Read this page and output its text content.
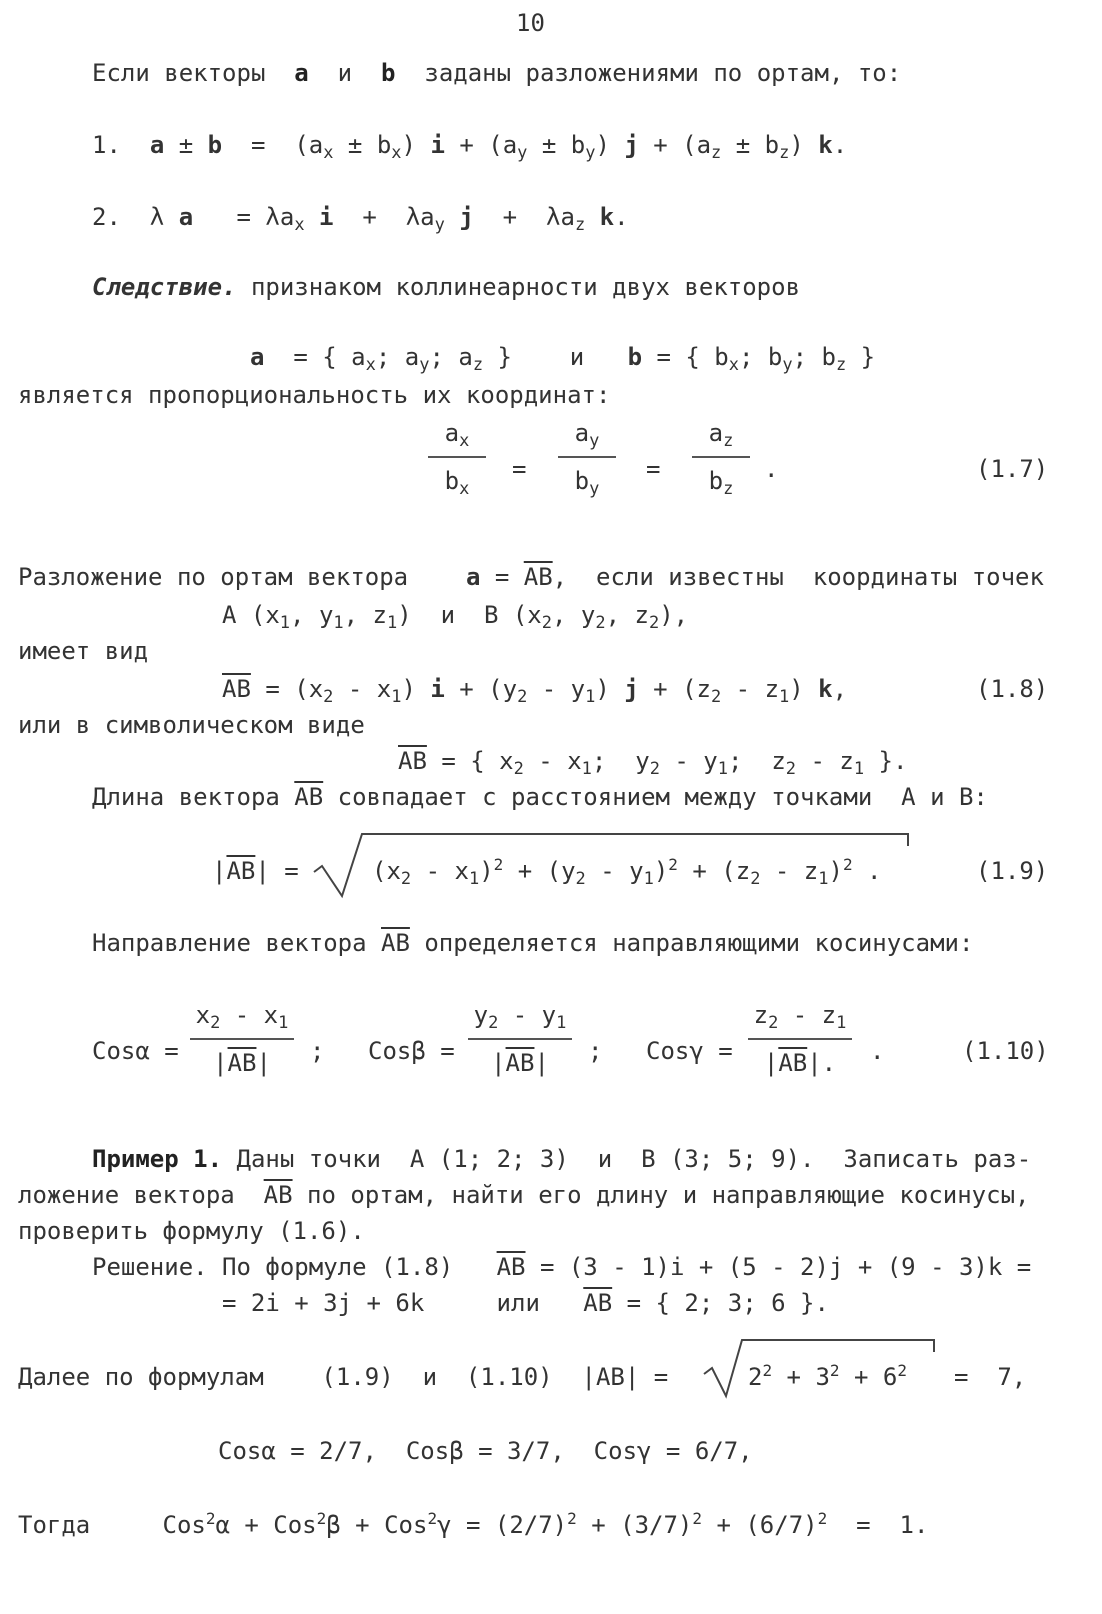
10
Если векторы a и b заданы разложениями по ортам, то:
1. $a \pm b = (a_x \pm b_x) i + (a_y \pm b_y) j + (a_z \pm b_z)$ k.
2.  λ $a = \lambda a_x$ $i + \lambda a_y$ $j + \lambda a_z$ k.
Следствие. признаком коллинеарности двух векторов
a  = { $a_x$; $a_y$; $a_z$ }    и   b = { $b_x$; $b_y$; $b_z$ }
является пропорциональность их координат:
$a_x$
$b_x$
=
$a_y$
$b_y$
=
$a_z$
$b_z$
.	(1.7)
Разложение по ортам вектора $a = \overline{AB}$,  если известны  координаты точек
A ($x_1$, $y_1$, $z_1$)  и  B ($x_2$, $y_2$, $z_2$),
имеет вид
$\overline{AB} = (x_2 - x_1) i + (y_2 - y_1) j + (z_2 - z_1)$ k,	(1.8)
или в символическом виде
$\overline{AB}$ = { $x_2 - x_1$;  $y_2 - y_1$;  $z_2 - z_1$ }.
Длина вектора $\overline{AB}$ совпадает с расстоянием между точками  A и B:
$|\overline{AB}|$ =	$(x_2 - x_1)^2 + (y_2 - y_1)^2 + (z_2 - z_1)^2$ .	(1.9)
Направление вектора $\overline{AB}$ определяется направляющими косинусами:
Cosα =
$x_2 - x_1$
$|\overline{AB}|$	; Cosβ =
$y_2 - y_1$
$|\overline{AB}|$	; Cosγ =
$z_2 - z_1$
$|\overline{AB}|$.	.	(1.10)
Пример 1. Даны точки  A (1; 2; 3)  и  B (3; 5; 9).  Записать раз-
ложение вектора $\overline{AB}$ по ортам, найти его длину и направляющие косинусы,
проверить формулу (1.6).
Решение. По формуле (1.8) $\overline{AB} = (3 - 1)i + (5 - 2)j + (9 - 3)k$ =
= 2i + 3j + 6k	или $\overline{AB}$ = { 2; 3; 6 }.
Далее по формулам    (1.9)  и  (1.10) |AB| =	$2^2 + 3^2 + 6^2 = 7$,
Cosα = 2/7,  Cosβ = 3/7,  Cosγ = 6/7,
Тогда     $Cos^2\alpha + Cos^2\beta + Cos^2\gamma = (2/7)^2 + (3/7)^2 + (6/7)^2 = 1$.
